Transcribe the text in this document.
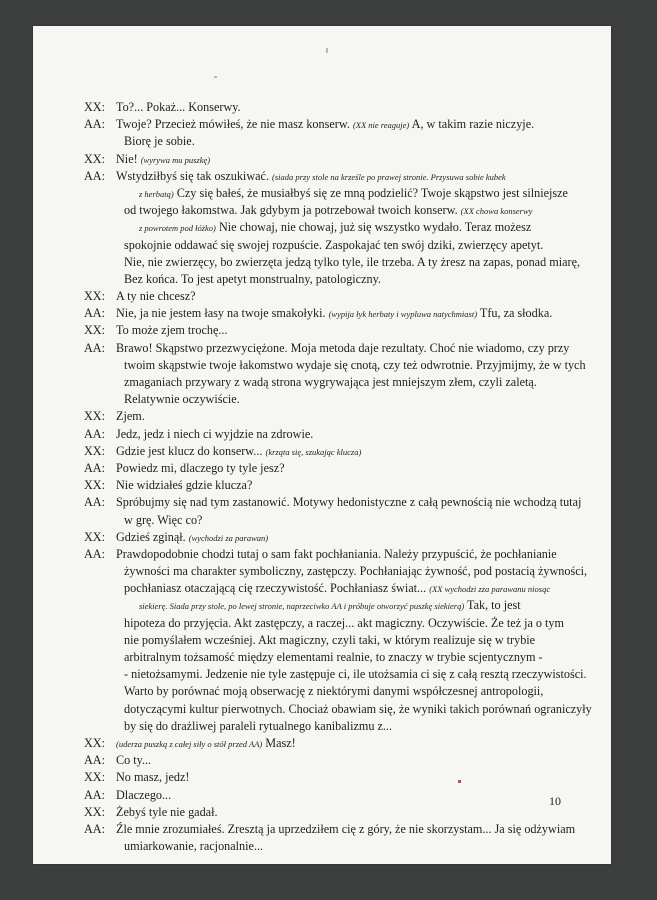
XX: To?... Pokaż... Konserwy.
AA: Twoje? Przecież mówiłeś, że nie masz konserw. (XX nie reaguje) A, w takim razie niczyje.
Biorę je sobie.
XX: Nie! (wyrywa mu puszkę)
AA: Wstydziłbyś się tak oszukiwać. (siada przy stole na krześle po prawej stronie. Przysuwa sobie kubek
z herbatą) Czy się bałeś, że musiałbyś się ze mną podzielić? Twoje skąpstwo jest silniejsze
od twojego łakomstwa. Jak gdybym ja potrzebował twoich konserw. (XX chowa konserwy
z powrotem pod łóżko) Nie chowaj, nie chowaj, już się wszystko wydało. Teraz możesz
spokojnie oddawać się swojej rozpuście. Zaspokajać ten swój dziki, zwierzęcy apetyt.
Nie, nie zwierzęcy, bo zwierzęta jedzą tylko tyle, ile trzeba. A ty żresz na zapas, ponad miarę,
Bez końca. To jest apetyt monstrualny, patologiczny.
XX: A ty nie chcesz?
AA: Nie, ja nie jestem łasy na twoje smakołyki. (wypija łyk herbaty i wypluwa natychmiast) Tfu, za słodka.
XX: To może zjem trochę...
AA: Brawo! Skąpstwo przezwyciężone. Moja metoda daje rezultaty. Choć nie wiadomo, czy przy
twoim skąpstwie twoje łakomstwo wydaje się cnotą, czy też odwrotnie. Przyjmijmy, że w tych
zmaganiach przywary z wadą strona wygrywająca jest mniejszym złem, czyli zaletą.
Relatywnie oczywiście.
XX: Zjem.
AA: Jedz, jedz i niech ci wyjdzie na zdrowie.
XX: Gdzie jest klucz do konserw... (krząta się, szukając klucza)
AA: Powiedz mi, dlaczego ty tyle jesz?
XX: Nie widziałeś gdzie klucza?
AA: Spróbujmy się nad tym zastanowić. Motywy hedonistyczne z całą pewnością nie wchodzą tutaj
w grę. Więc co?
XX: Gdzieś zginął. (wychodzi za parawan)
AA: Prawdopodobnie chodzi tutaj o sam fakt pochłaniania. Należy przypuścić, że pochłanianie
żywności ma charakter symboliczny, zastępczy. Pochłaniając żywność, pod postacią żywności,
pochłaniasz otaczającą cię rzeczywistość. Pochłaniasz świat... (XX wychodzi zza parawanu niosąc
siekierę. Siada przy stole, po lewej stronie, naprzeciwko AA i próbuje otworzyć puszkę siekierą) Tak, to jest
hipoteza do przyjęcia. Akt zastępczy, a raczej... akt magiczny. Oczywiście. Że też ja o tym
nie pomyślałem wcześniej. Akt magiczny, czyli taki, w którym realizuje się w trybie
arbitralnym tożsamość między elementami realnie, to znaczy w trybie scjentycznym -
- nietożsamymi. Jedzenie nie tyle zastępuje ci, ile utożsamia ci się z całą resztą rzeczywistości.
Warto by porównać moją obserwację z niektórymi danymi współczesnej antropologii,
dotyczącymi kultur pierwotnych. Chociaż obawiam się, że wyniki takich porównań ograniczyły
by się do drażliwej paraleli rytualnego kanibalizmu z...
XX: (uderza puszką z całej siły o stół przed AA) Masz!
AA: Co ty...
XX: No masz, jedz!
AA: Dlaczego...
XX: Żebyś tyle nie gadał.
AA: Źle mnie zrozumiałeś. Zresztą ja uprzedziłem cię z góry, że nie skorzystam... Ja się odżywiam
umiarkowanie, racjonalnie...
10
